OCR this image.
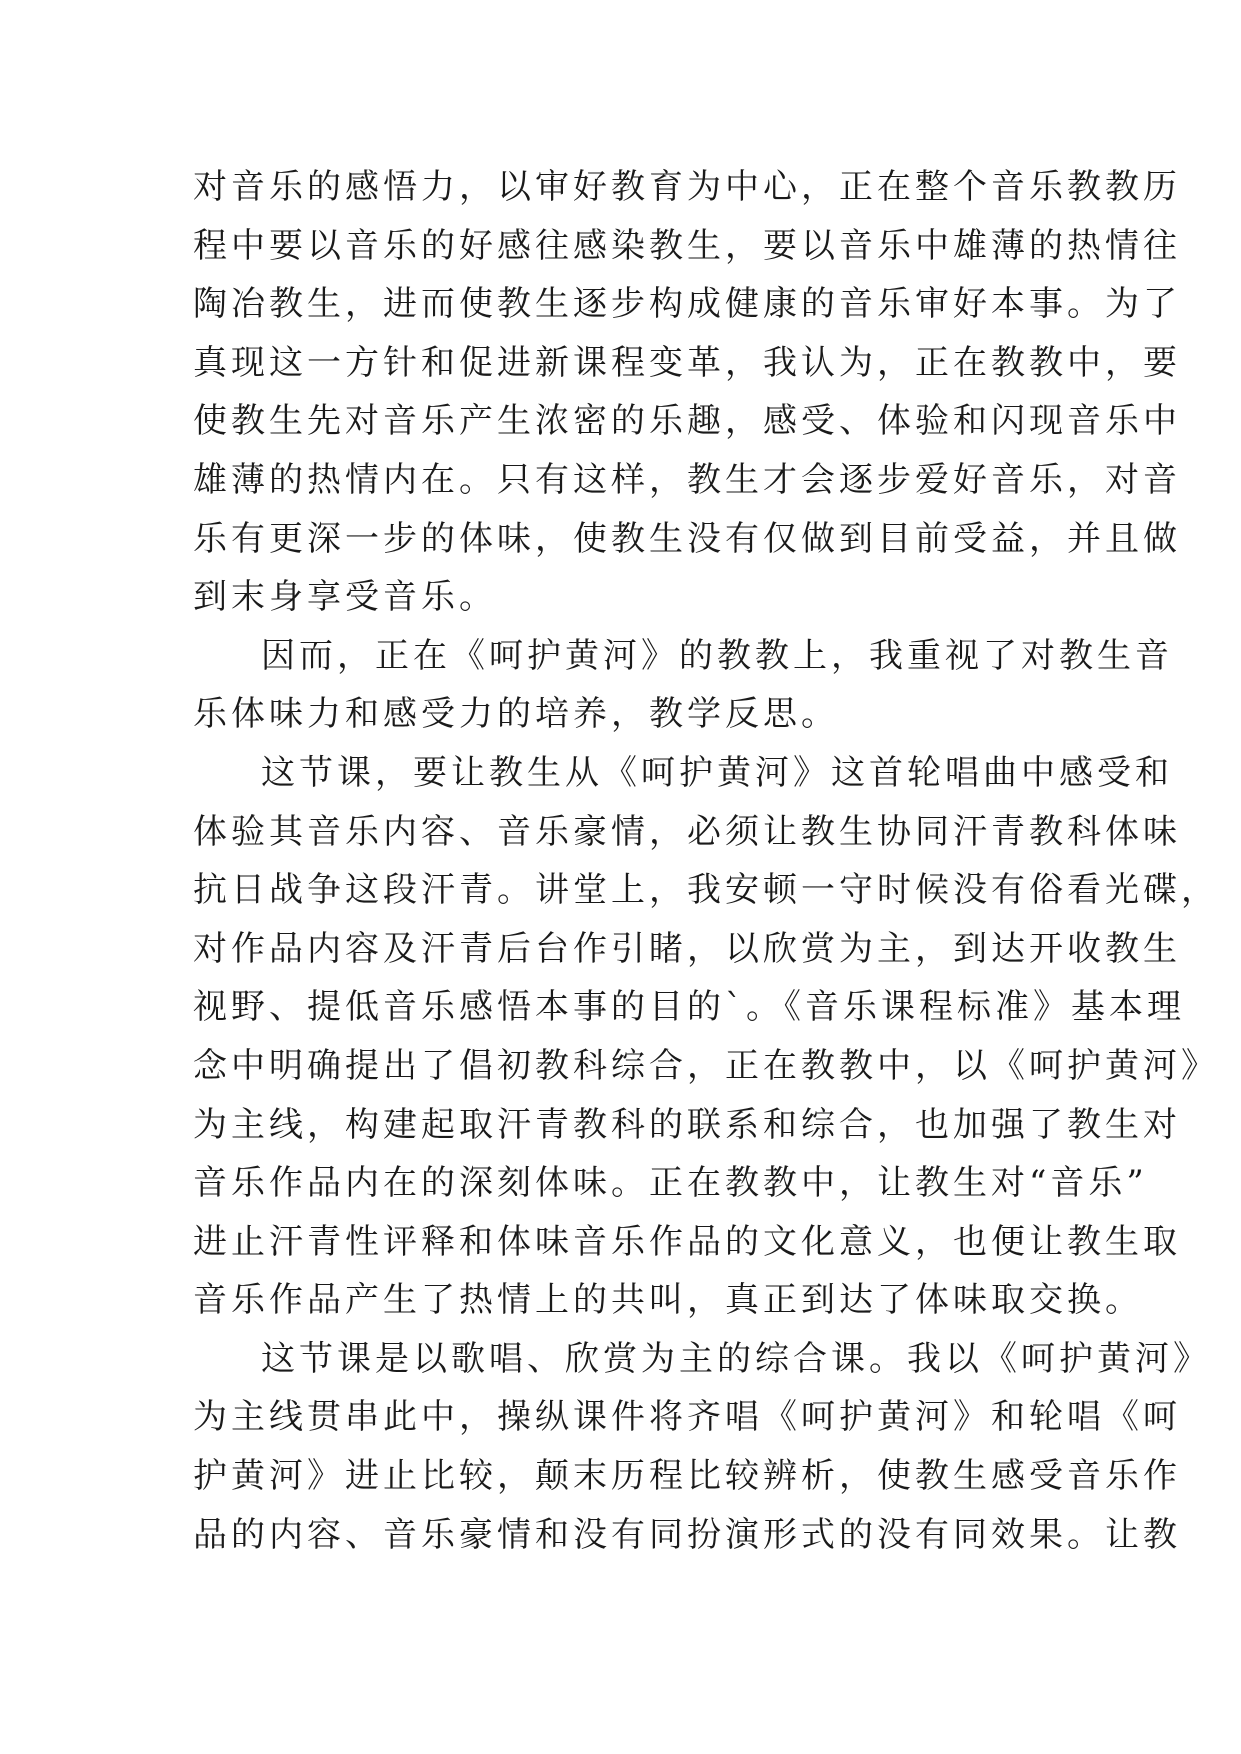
对音乐的感悟力，以审好教育为中心，正在整个音乐教教历
程中要以音乐的好感往感染教生，要以音乐中雄薄的热情往
陶冶教生，进而使教生逐步构成健康的音乐审好本事。为了
真现这一方针和促进新课程变革，我认为，正在教教中，要
使教生先对音乐产生浓密的乐趣，感受、体验和闪现音乐中
雄薄的热情内在。只有这样，教生才会逐步爱好音乐，对音
乐有更深一步的体味，使教生没有仅做到目前受益，并且做
到末身享受音乐。
因而，正在《呵护黄河》的教教上，我重视了对教生音
乐体味力和感受力的培养，教学反思。
这节课，要让教生从《呵护黄河》这首轮唱曲中感受和
体验其音乐内容、音乐豪情，必须让教生协同汗青教科体味
抗日战争这段汗青。讲堂上，我安顿一守时候没有俗看光碟，
对作品内容及汗青后台作引睹，以欣赏为主，到达开收教生
视野、提低音乐感悟本事的目的`。《音乐课程标准》基本理
念中明确提出了倡初教科综合，正在教教中，以《呵护黄河》
为主线，构建起取汗青教科的联系和综合，也加强了教生对
音乐作品内在的深刻体味。正在教教中，让教生对“音乐”
进止汗青性评释和体味音乐作品的文化意义，也便让教生取
音乐作品产生了热情上的共叫，真正到达了体味取交换。
这节课是以歌唱、欣赏为主的综合课。我以《呵护黄河》
为主线贯串此中，操纵课件将齐唱《呵护黄河》和轮唱《呵
护黄河》进止比较，颠末历程比较辨析，使教生感受音乐作
品的内容、音乐豪情和没有同扮演形式的没有同效果。让教
